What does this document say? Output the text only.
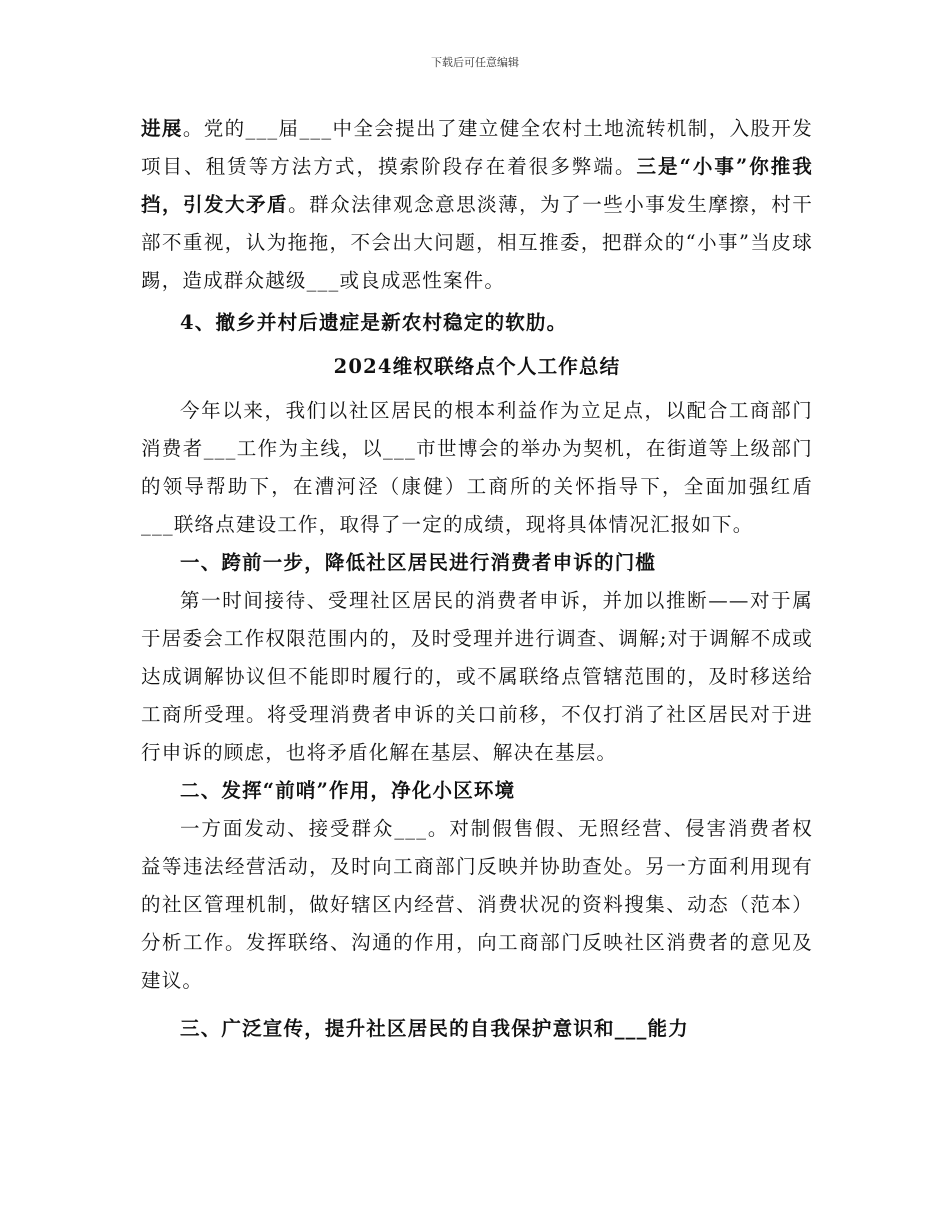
下载后可任意编辑

进展。党的___届___中全会提出了建立健全农村土地流转机制，入股开发项目、租赁等方法方式，摸索阶段存在着很多弊端。三是“小事”你推我挡，引发大矛盾。群众法律观念意思淡薄，为了一些小事发生摩擦，村干部不重视，认为拖拖，不会出大问题，相互推委，把群众的“小事”当皮球踢，造成群众越级___或良成恶性案件。

4、撤乡并村后遗症是新农村稳定的软肋。

2024维权联络点个人工作总结

今年以来，我们以社区居民的根本利益作为立足点，以配合工商部门消费者___工作为主线，以___市世博会的举办为契机，在街道等上级部门的领导帮助下，在漕河泾（康健）工商所的关怀指导下，全面加强红盾___联络点建设工作，取得了一定的成绩，现将具体情况汇报如下。

一、跨前一步，降低社区居民进行消费者申诉的门槛

第一时间接待、受理社区居民的消费者申诉，并加以推断——对于属于居委会工作权限范围内的，及时受理并进行调查、调解;对于调解不成或达成调解协议但不能即时履行的，或不属联络点管辖范围的，及时移送给工商所受理。将受理消费者申诉的关口前移，不仅打消了社区居民对于进行申诉的顾虑，也将矛盾化解在基层、解决在基层。

二、发挥“前哨”作用，净化小区环境

一方面发动、接受群众___。对制假售假、无照经营、侵害消费者权益等违法经营活动，及时向工商部门反映并协助查处。另一方面利用现有的社区管理机制，做好辖区内经营、消费状况的资料搜集、动态（范本）分析工作。发挥联络、沟通的作用，向工商部门反映社区消费者的意见及建议。

三、广泛宣传，提升社区居民的自我保护意识和___能力
